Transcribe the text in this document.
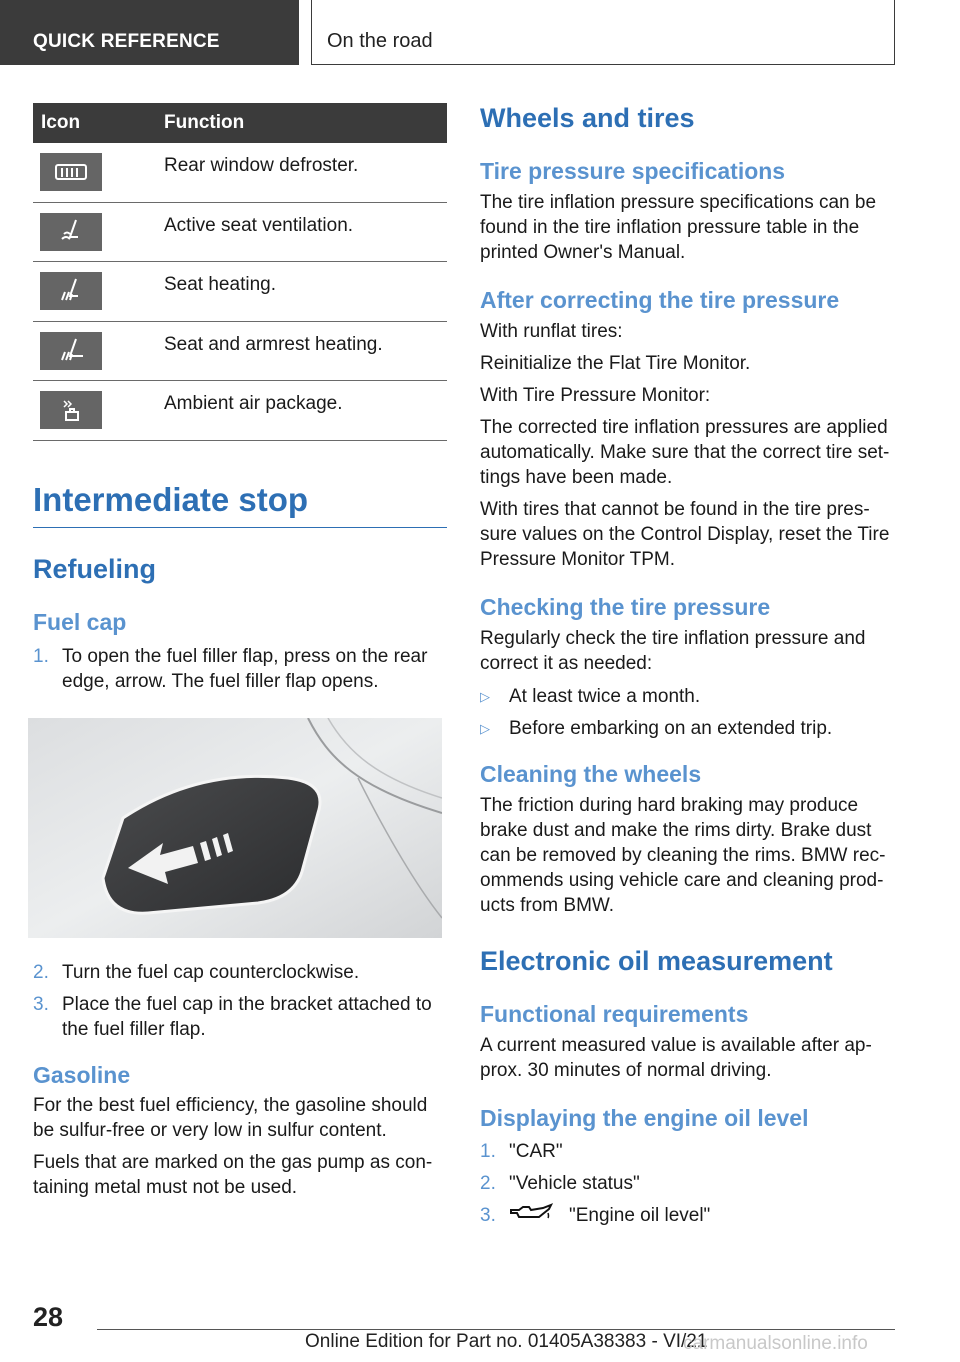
QUICK REFERENCE	On the road
Icon	Function
Rear window defroster.
Active seat ventilation.
Seat heating.
Seat and armrest heating.
Ambient air package.
Intermediate stop
Refueling
Fuel cap
1. To open the fuel filler flap, press on the rear edge, arrow. The fuel filler flap opens.
2. Turn the fuel cap counterclockwise.
3. Place the fuel cap in the bracket attached to the fuel filler flap.
Gasoline

For the best fuel efficiency, the gasoline should be sulfur-free or very low in sulfur content.

Fuels that are marked on the gas pump as con‐taining metal must not be used.

Wheels and tires
Tire pressure specifications

The tire inflation pressure specifications can be found in the tire inflation pressure table in the printed Owner's Manual.

After correcting the tire pressure

With runflat tires:

Reinitialize the Flat Tire Monitor.

With Tire Pressure Monitor:

The corrected tire inflation pressures are applied automatically. Make sure that the correct tire set‐tings have been made.

With tires that cannot be found in the tire pres‐sure values on the Control Display, reset the Tire Pressure Monitor TPM.

Checking the tire pressure

Regularly check the tire inflation pressure and correct it as needed:

▷	At least twice a month.
▷	Before embarking on an extended trip.
Cleaning the wheels

The friction during hard braking may produce brake dust and make the rims dirty. Brake dust can be removed by cleaning the rims. BMW rec‐ommends using vehicle care and cleaning prod‐ucts from BMW.

Electronic oil measurement
Functional requirements

A current measured value is available after ap‐prox. 30 minutes of normal driving.

Displaying the engine oil level
1. "CAR"
2. "Vehicle status"
3.	"Engine oil level"
28
Online Edition for Part no. 01405A38383 - VI/21
carmanualsonline.info
